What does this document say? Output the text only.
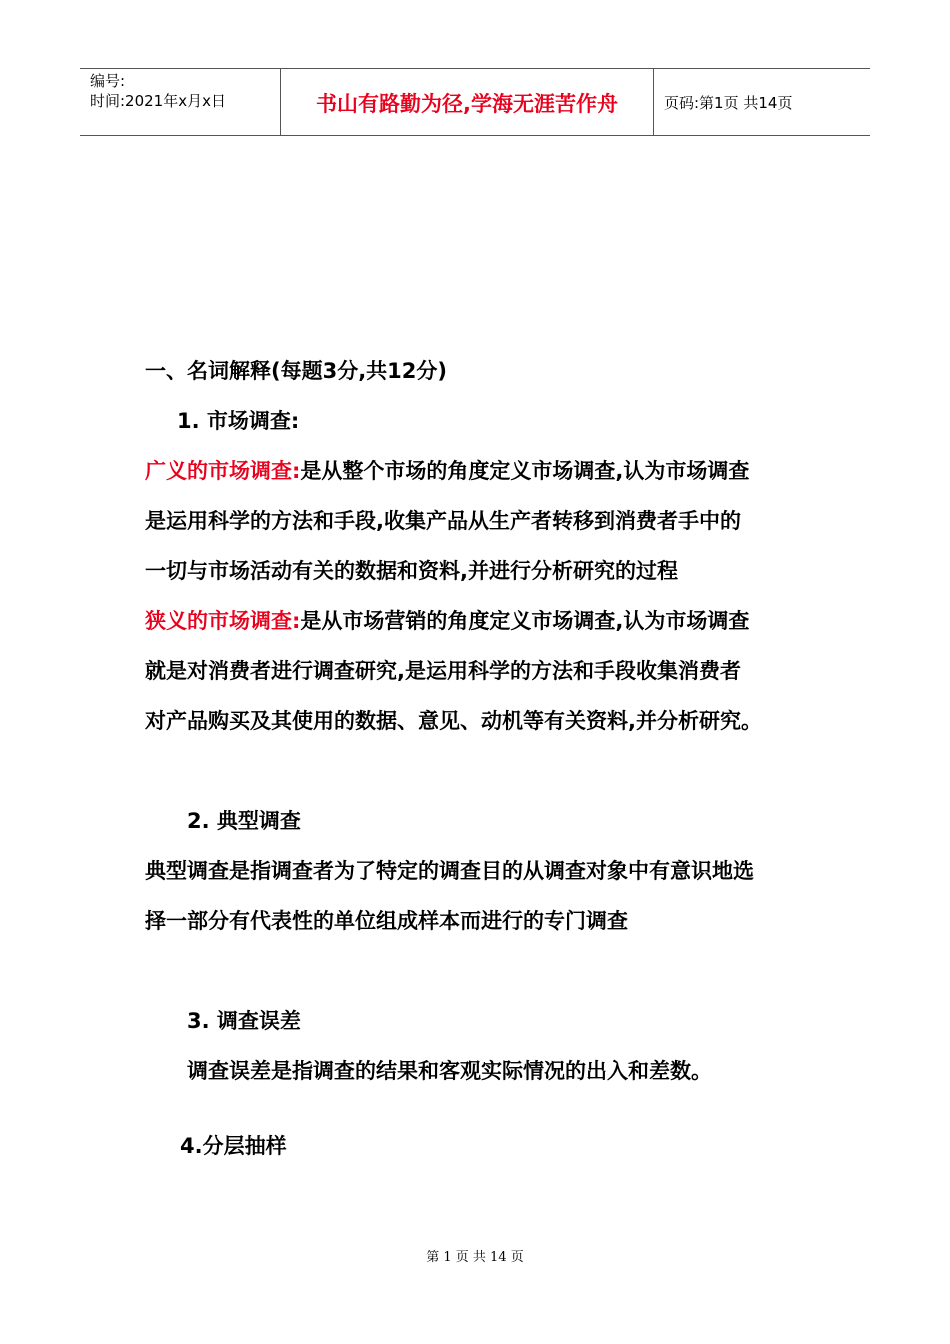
编号:
时间:2021年x月x日	书山有路勤为径,学海无涯苦作舟	页码:第1页 共14页
一、名词解释(每题3分,共12分)
1. 市场调查:
广义的市场调查:是从整个市场的角度定义市场调查,认为市场调查
是运用科学的方法和手段,收集产品从生产者转移到消费者手中的
一切与市场活动有关的数据和资料,并进行分析研究的过程
狭义的市场调查:是从市场营销的角度定义市场调查,认为市场调查
就是对消费者进行调查研究,是运用科学的方法和手段收集消费者
对产品购买及其使用的数据、意见、动机等有关资料,并分析研究。
2. 典型调查
典型调查是指调查者为了特定的调查目的从调查对象中有意识地选
择一部分有代表性的单位组成样本而进行的专门调查
3. 调查误差
调查误差是指调查的结果和客观实际情况的出入和差数。
4.分层抽样
第 1 页 共 14 页
